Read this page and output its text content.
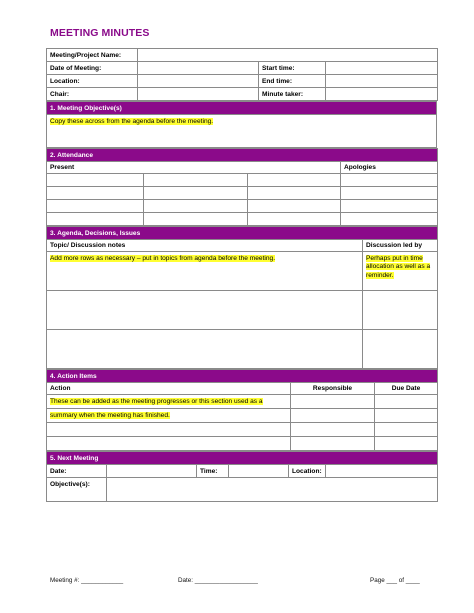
MEETING MINUTES
Meeting/Project Name:			
Date of Meeting:		Start time:	
Location:		End time:	
Chair:		Minute taker:	
1. Meeting Objective(s)
Copy these across from the agenda before the meeting.
2. Attendance			
Present			Apologies

3. Agenda, Decisions, Issues	
Topic/ Discussion notes	Discussion led by
Add more rows as necessary – put in topics from agenda before the meeting.	Perhaps put in time allocation as well as a reminder.

4. Action Items		
Action	Responsible	Due Date
These can be added as the meeting progresses or this section used as a		
summary when the meeting has finished.		

5. Next Meeting					
Date:		Time:		Location:	
Objective(s):					
Meeting #: ____________	Date: __________________	Page ___ of ____
